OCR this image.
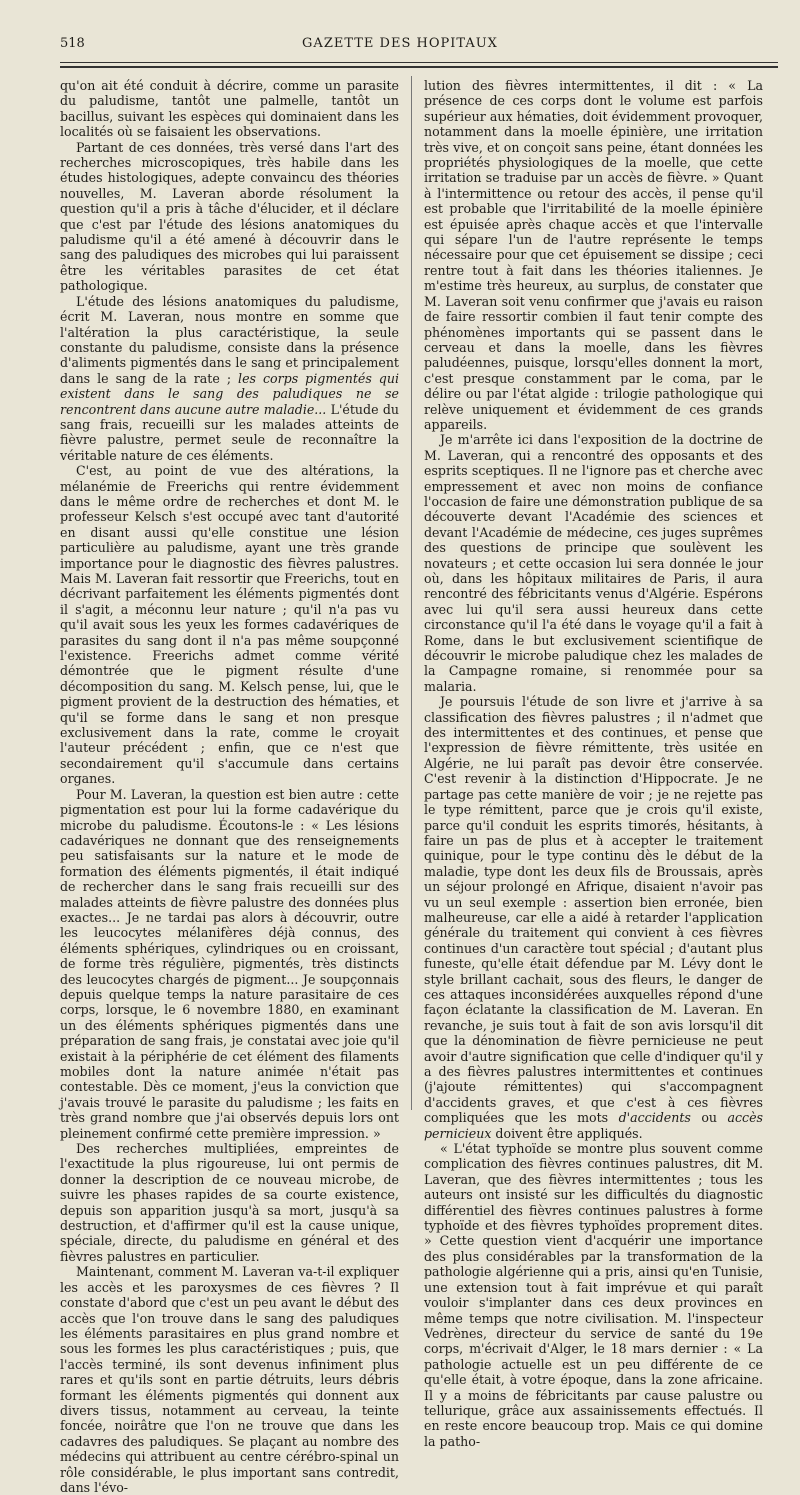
518	GAZETTE DES HOPITAUX

qu'on ait été conduit à décrire, comme un parasite du paludisme, tantôt une palmelle, tantôt un bacillus, suivant les espèces qui dominaient dans les localités où se faisaient les observations.

Partant de ces données, très versé dans l'art des recherches microscopiques, très habile dans les études histologiques, adepte convaincu des théories nouvelles, M. Laveran aborde résolument la question qu'il a pris à tâche d'élucider, et il déclare que c'est par l'étude des lésions anatomiques du paludisme qu'il a été amené à découvrir dans le sang des paludiques des microbes qui lui paraissent être les véritables parasites de cet état pathologique.

L'étude des lésions anatomiques du paludisme, écrit M. Laveran, nous montre en somme que l'altération la plus caractéristique, la seule constante du paludisme, consiste dans la présence d'aliments pigmentés dans le sang et principalement dans le sang de la rate ; les corps pigmentés qui existent dans le sang des paludiques ne se rencontrent dans aucune autre maladie... L'étude du sang frais, recueilli sur les malades atteints de fièvre palustre, permet seule de reconnaître la véritable nature de ces éléments.

C'est, au point de vue des altérations, la mélanémie de Freerichs qui rentre évidemment dans le même ordre de recherches et dont M. le professeur Kelsch s'est occupé avec tant d'autorité en disant aussi qu'elle constitue une lésion particulière au paludisme, ayant une très grande importance pour le diagnostic des fièvres palustres. Mais M. Laveran fait ressortir que Freerichs, tout en décrivant parfaitement les éléments pigmentés dont il s'agit, a méconnu leur nature ; qu'il n'a pas vu qu'il avait sous les yeux les formes cadavériques de parasites du sang dont il n'a pas même soupçonné l'existence. Freerichs admet comme vérité démontrée que le pigment résulte d'une décomposition du sang. M. Kelsch pense, lui, que le pigment provient de la destruction des hématies, et qu'il se forme dans le sang et non presque exclusivement dans la rate, comme le croyait l'auteur précédent ; enfin, que ce n'est que secondairement qu'il s'accumule dans certains organes.

Pour M. Laveran, la question est bien autre : cette pigmentation est pour lui la forme cadavérique du microbe du paludisme. Écoutons-le : « Les lésions cadavériques ne donnant que des renseignements peu satisfaisants sur la nature et le mode de formation des éléments pigmentés, il était indiqué de rechercher dans le sang frais recueilli sur des malades atteints de fièvre palustre des données plus exactes... Je ne tardai pas alors à découvrir, outre les leucocytes mélanifères déjà connus, des éléments sphériques, cylindriques ou en croissant, de forme très régulière, pigmentés, très distincts des leucocytes chargés de pigment... Je soupçonnais depuis quelque temps la nature parasitaire de ces corps, lorsque, le 6 novembre 1880, en examinant un des éléments sphériques pigmentés dans une préparation de sang frais, je constatai avec joie qu'il existait à la périphérie de cet élément des filaments mobiles dont la nature animée n'était pas contestable. Dès ce moment, j'eus la conviction que j'avais trouvé le parasite du paludisme ; les faits en très grand nombre que j'ai observés depuis lors ont pleinement confirmé cette première impression. »

Des recherches multipliées, empreintes de l'exactitude la plus rigoureuse, lui ont permis de donner la description de ce nouveau microbe, de suivre les phases rapides de sa courte existence, depuis son apparition jusqu'à sa mort, jusqu'à sa destruction, et d'affirmer qu'il est la cause unique, spéciale, directe, du paludisme en général et des fièvres palustres en particulier.

Maintenant, comment M. Laveran va-t-il expliquer les accès et les paroxysmes de ces fièvres ? Il constate d'abord que c'est un peu avant le début des accès que l'on trouve dans le sang des paludiques les éléments parasitaires en plus grand nombre et sous les formes les plus caractéristiques ; puis, que l'accès terminé, ils sont devenus infiniment plus rares et qu'ils sont en partie détruits, leurs débris formant les éléments pigmentés qui donnent aux divers tissus, notamment au cerveau, la teinte foncée, noirâtre que l'on ne trouve que dans les cadavres des paludiques. Se plaçant au nombre des médecins qui attribuent au centre cérébro-spinal un rôle considérable, le plus important sans contredit, dans l'évo-

lution des fièvres intermittentes, il dit : « La présence de ces corps dont le volume est parfois supérieur aux hématies, doit évidemment provoquer, notamment dans la moelle épinière, une irritation très vive, et on conçoit sans peine, étant données les propriétés physiologiques de la moelle, que cette irritation se traduise par un accès de fièvre. » Quant à l'intermittence ou retour des accès, il pense qu'il est probable que l'irritabilité de la moelle épinière est épuisée après chaque accès et que l'intervalle qui sépare l'un de l'autre représente le temps nécessaire pour que cet épuisement se dissipe ; ceci rentre tout à fait dans les théories italiennes. Je m'estime très heureux, au surplus, de constater que M. Laveran soit venu confirmer que j'avais eu raison de faire ressortir combien il faut tenir compte des phénomènes importants qui se passent dans le cerveau et dans la moelle, dans les fièvres paludéennes, puisque, lorsqu'elles donnent la mort, c'est presque constamment par le coma, par le délire ou par l'état algide : trilogie pathologique qui relève uniquement et évidemment de ces grands appareils.

Je m'arrête ici dans l'exposition de la doctrine de M. Laveran, qui a rencontré des opposants et des esprits sceptiques. Il ne l'ignore pas et cherche avec empressement et avec non moins de confiance l'occasion de faire une démonstration publique de sa découverte devant l'Académie des sciences et devant l'Académie de médecine, ces juges suprêmes des questions de principe que soulèvent les novateurs ; et cette occasion lui sera donnée le jour où, dans les hôpitaux militaires de Paris, il aura rencontré des fébricitants venus d'Algérie. Espérons avec lui qu'il sera aussi heureux dans cette circonstance qu'il l'a été dans le voyage qu'il a fait à Rome, dans le but exclusivement scientifique de découvrir le microbe paludique chez les malades de la Campagne romaine, si renommée pour sa malaria.

Je poursuis l'étude de son livre et j'arrive à sa classification des fièvres palustres ; il n'admet que des intermittentes et des continues, et pense que l'expression de fièvre rémittente, très usitée en Algérie, ne lui paraît pas devoir être conservée. C'est revenir à la distinction d'Hippocrate. Je ne partage pas cette manière de voir ; je ne rejette pas le type rémittent, parce que je crois qu'il existe, parce qu'il conduit les esprits timorés, hésitants, à faire un pas de plus et à accepter le traitement quinique, pour le type continu dès le début de la maladie, type dont les deux fils de Broussais, après un séjour prolongé en Afrique, disaient n'avoir pas vu un seul exemple : assertion bien erronée, bien malheureuse, car elle a aidé à retarder l'application générale du traitement qui convient à ces fièvres continues d'un caractère tout spécial ; d'autant plus funeste, qu'elle était défendue par M. Lévy dont le style brillant cachait, sous des fleurs, le danger de ces attaques inconsidérées auxquelles répond d'une façon éclatante la classification de M. Laveran. En revanche, je suis tout à fait de son avis lorsqu'il dit que la dénomination de fièvre pernicieuse ne peut avoir d'autre signification que celle d'indiquer qu'il y a des fièvres palustres intermittentes et continues (j'ajoute rémittentes) qui s'accompagnent d'accidents graves, et que c'est à ces fièvres compliquées que les mots d'accidents ou accès pernicieux doivent être appliqués.

« L'état typhoïde se montre plus souvent comme complication des fièvres continues palustres, dit M. Laveran, que des fièvres intermittentes ; tous les auteurs ont insisté sur les difficultés du diagnostic différentiel des fièvres continues palustres à forme typhoïde et des fièvres typhoïdes proprement dites. » Cette question vient d'acquérir une importance des plus considérables par la transformation de la pathologie algérienne qui a pris, ainsi qu'en Tunisie, une extension tout à fait imprévue et qui paraît vouloir s'implanter dans ces deux provinces en même temps que notre civilisation. M. l'inspecteur Vedrènes, directeur du service de santé du 19e corps, m'écrivait d'Alger, le 18 mars dernier : « La pathologie actuelle est un peu différente de ce qu'elle était, à votre époque, dans la zone africaine. Il y a moins de fébricitants par cause palustre ou tellurique, grâce aux assainissements effectués. Il en reste encore beaucoup trop. Mais ce qui domine la patho-
